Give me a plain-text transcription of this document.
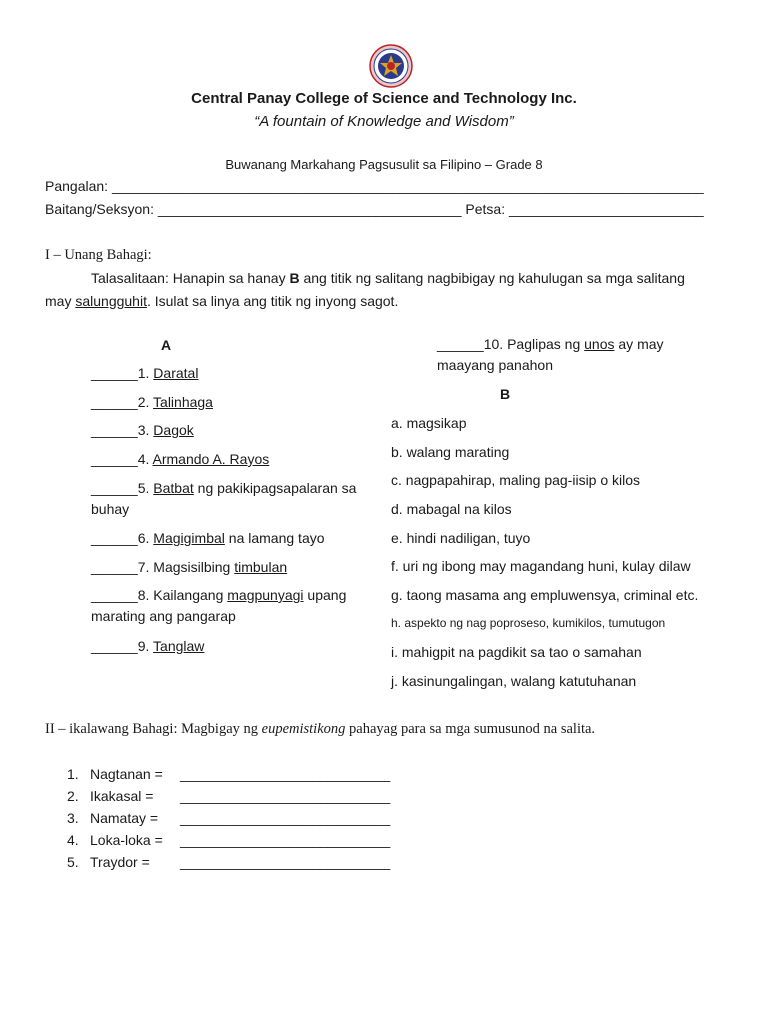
Central Panay College of Science and Technology Inc.
“A fountain of Knowledge and Wisdom”
Buwanang Markahang Pagsusulit sa Filipino – Grade 8
Pangalan: ____________________________________________________________________________
Baitang/Seksyon: _______________________________________ Petsa: _________________________
I – Unang Bahagi:
Talasalitaan: Hanapin sa hanay B ang titik ng salitang nagbibigay ng kahulugan sa mga salitang
may salungguhit. Isulat sa linya ang titik ng inyong sagot.
A
______1. Daratal
______2. Talinhaga
______3. Dagok
______4. Armando A. Rayos
______5. Batbat ng pakikipagsapalaran sa buhay
______6. Magigimbal na lamang tayo
______7. Magsisilbing timbulan
______8. Kailangang magpunyagi upang marating ang pangarap
______9. Tanglaw
______10. Paglipas ng unos ay may maayang panahon
B
a. magsikap
b. walang marating
c. nagpapahirap, maling pag-iisip o kilos
d. mabagal na kilos
e. hindi nadiligan, tuyo
f. uri ng ibong may magandang huni, kulay dilaw
g. taong masama ang empluwensya, criminal etc.
h. aspekto ng nag poproseso, kumikilos, tumutugon
i. mahigpit na pagdikit sa tao o samahan
j. kasinungalingan, walang katutuhanan
II – ikalawang Bahagi: Magbigay ng eupemistikong pahayag para sa mga sumusunod na salita.
1. Nagtanan = ___________________________
2. Ikakasal = ___________________________
3. Namatay = ___________________________
4. Loka-loka = ___________________________
5. Traydor = ___________________________
